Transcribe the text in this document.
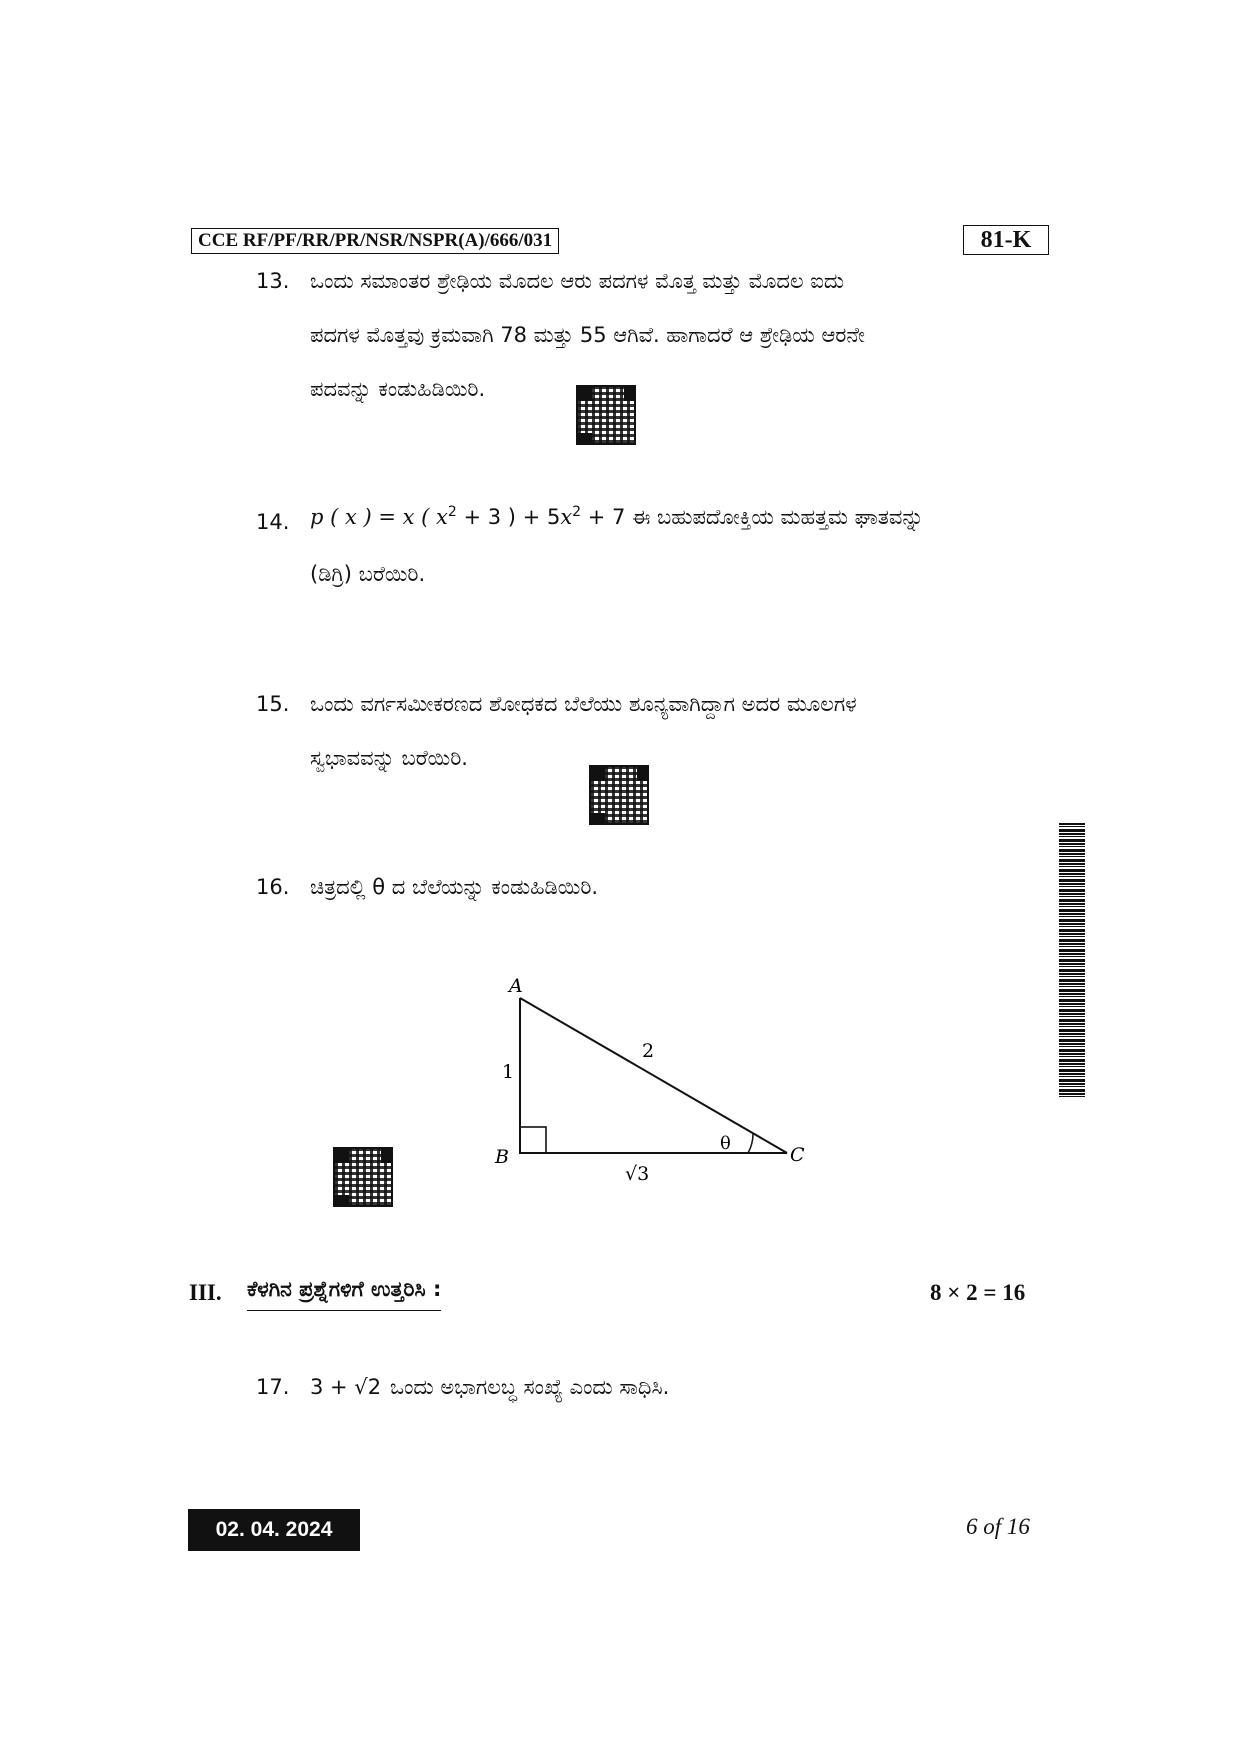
CCE RF/PF/RR/PR/NSR/NSPR(A)/666/031	81-K
13. ಒಂದು ಸಮಾಂತರ ಶ್ರೇಢಿಯ ಮೊದಲ ಆರು ಪದಗಳ ಮೊತ್ತ ಮತ್ತು ಮೊದಲ ಐದು
ಪದಗಳ ಮೊತ್ತವು ಕ್ರಮವಾಗಿ 78 ಮತ್ತು 55 ಆಗಿವೆ. ಹಾಗಾದರೆ ಆ ಶ್ರೇಢಿಯ ಆರನೇ
ಪದವನ್ನು ಕಂಡುಹಿಡಿಯಿರಿ.
14. p ( x ) = x ( $x^2 + 3$ ) + $5x^2 + 7$ ಈ ಬಹುಪದೋಕ್ತಿಯ ಮಹತ್ತಮ ಘಾತವನ್ನು
(ಡಿಗ್ರಿ) ಬರೆಯಿರಿ.
15. ಒಂದು ವರ್ಗಸಮೀಕರಣದ ಶೋಧಕದ ಬೆಲೆಯು ಶೂನ್ಯವಾಗಿದ್ದಾಗ ಅದರ ಮೂಲಗಳ
ಸ್ವಭಾವವನ್ನು ಬರೆಯಿರಿ.
16. ಚಿತ್ರದಲ್ಲಿ θ ದ ಬೆಲೆಯನ್ನು ಕಂಡುಹಿಡಿಯಿರಿ.
A
B	C
1
2
√3
θ
III. ಕೆಳಗಿನ ಪ್ರಶ್ನೆಗಳಿಗೆ ಉತ್ತರಿಸಿ :	8 × 2 = 16
17. 3 + √2 ಒಂದು ಅಭಾಗಲಬ್ಧ ಸಂಖ್ಯೆ ಎಂದು ಸಾಧಿಸಿ.
02. 04. 2024	6 of 16
